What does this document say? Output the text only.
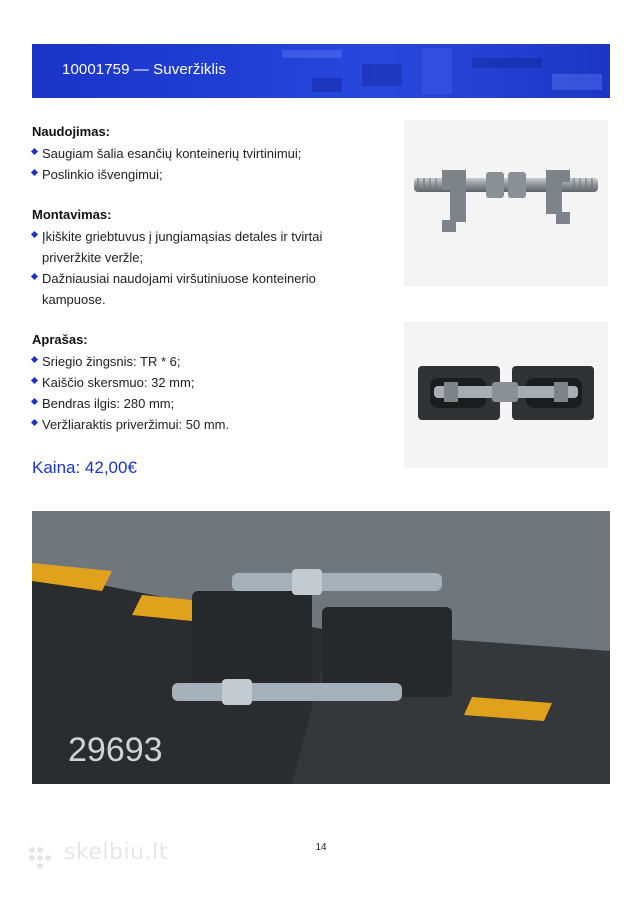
10001759 — Suveržiklis
Naudojimas:
Saugiam šalia esančių konteinerių tvirtinimui;
Poslinkio išvengimui;
Montavimas:
Įkiškite griebtuvus į jungiamąsias detales ir tvirtai priveržkite veržle;
Dažniausiai naudojami viršutiniuose konteinerio kampuose.
Aprašas:
Sriegio žingsnis: TR * 6;
Kaiščio skersmuo: 32 mm;
Bendras ilgis: 280 mm;
Veržliaraktis priveržimui: 50 mm.
Kaina: 42,00€
29693
skelbiu.lt	14
